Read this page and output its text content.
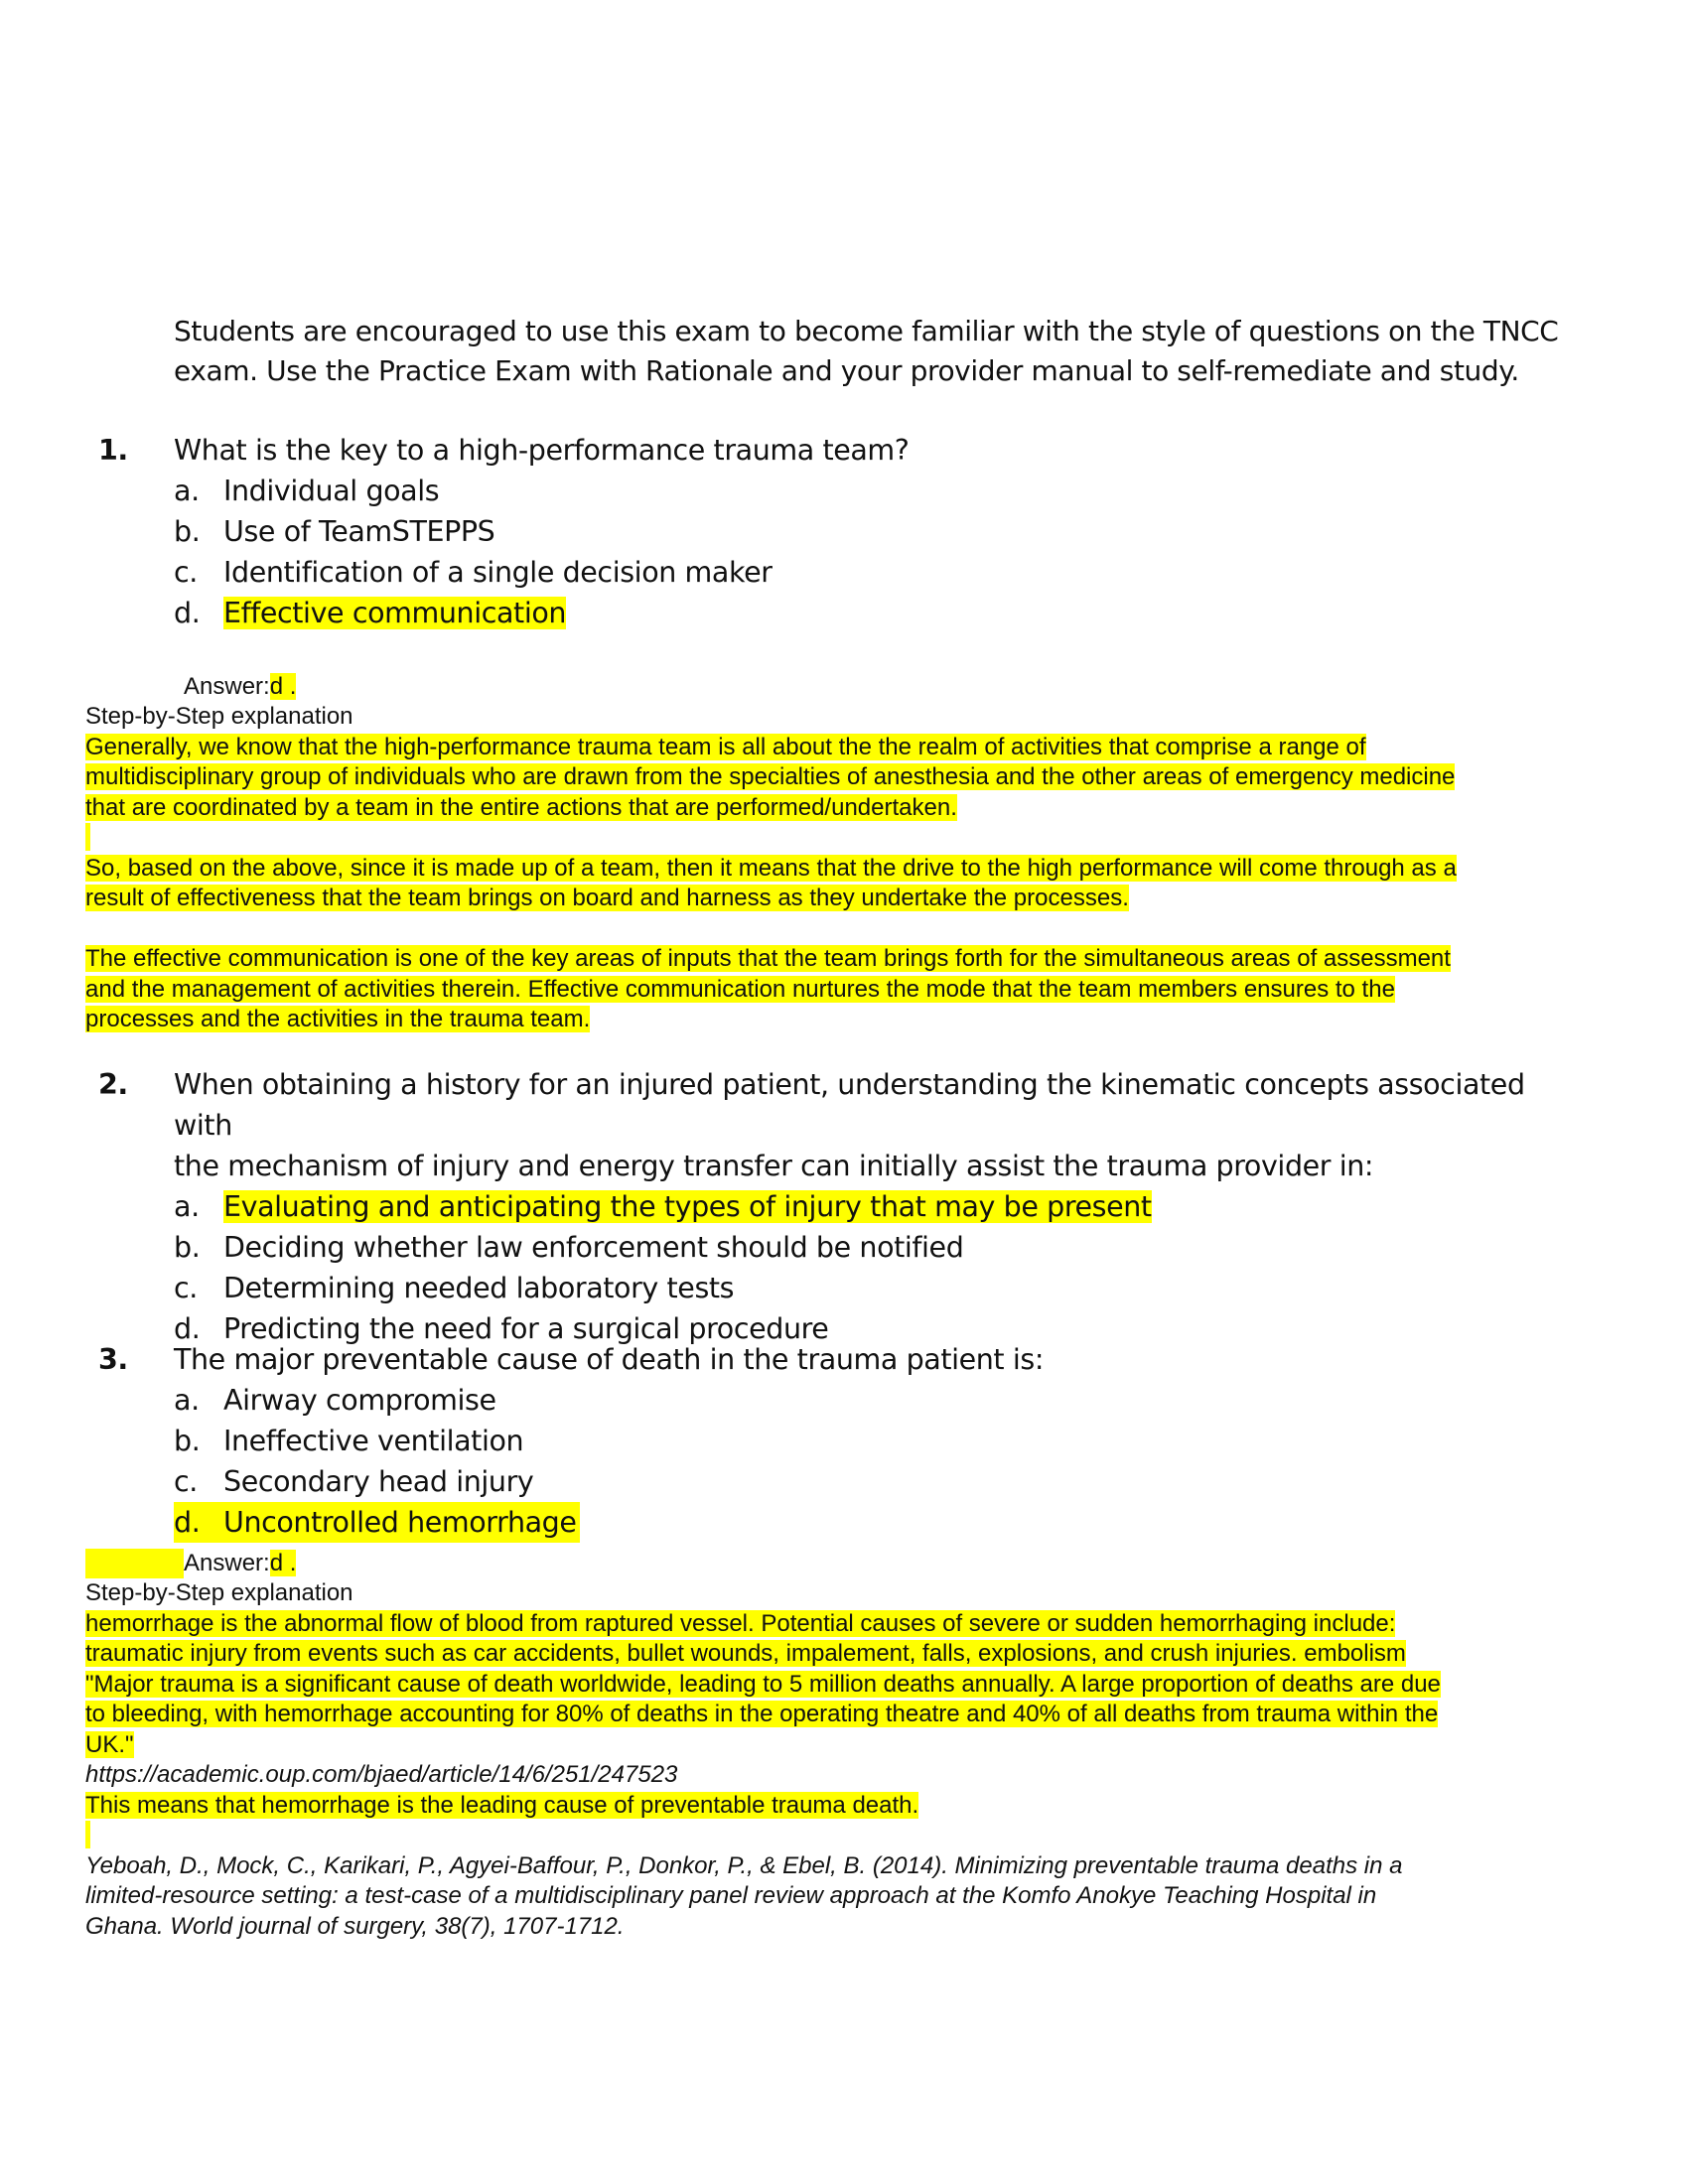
Students are encouraged to use this exam to become familiar with the style of questions on the TNCC
exam. Use the Practice Exam with Rationale and your provider manual to self-remediate and study.
1. What is the key to a high-performance trauma team?
a. Individual goals
b. Use of TeamSTEPPS
c. Identification of a single decision maker
d. Effective communication
Answer:d .

Step-by-Step explanation

Generally, we know that the high-performance trauma team is all about the the realm of activities that comprise a range of

multidisciplinary group of individuals who are drawn from the specialties of anesthesia and the other areas of emergency medicine

that are coordinated by a team in the entire actions that are performed/undertaken.

So, based on the above, since it is made up of a team, then it means that the drive to the high performance will come through as a

result of effectiveness that the team brings on board and harness as they undertake the processes.

The effective communication is one of the key areas of inputs that the team brings forth for the simultaneous areas of assessment

and the management of activities therein. Effective communication nurtures the mode that the team members ensures to the

processes and the activities in the trauma team.

2. When obtaining a history for an injured patient, understanding the kinematic concepts associated with
the mechanism of injury and energy transfer can initially assist the trauma provider in:
a. Evaluating and anticipating the types of injury that may be present
b. Deciding whether law enforcement should be notified
c. Determining needed laboratory tests
d. Predicting the need for a surgical procedure
3. The major preventable cause of death in the trauma patient is:
a. Airway compromise
b. Ineffective ventilation
c. Secondary head injury
d. Uncontrolled hemorrhage
Answer:d .

Step-by-Step explanation

hemorrhage is the abnormal flow of blood from raptured vessel. Potential causes of severe or sudden hemorrhaging include:

traumatic injury from events such as car accidents, bullet wounds, impalement, falls, explosions, and crush injuries. embolism

"Major trauma is a significant cause of death worldwide, leading to 5 million deaths annually. A large proportion of deaths are due

to bleeding, with hemorrhage accounting for 80% of deaths in the operating theatre and 40% of all deaths from trauma within the

UK."

https://academic.oup.com/bjaed/article/14/6/251/247523

This means that hemorrhage is the leading cause of preventable trauma death.

Yeboah, D., Mock, C., Karikari, P., Agyei-Baffour, P., Donkor, P., & Ebel, B. (2014). Minimizing preventable trauma deaths in a

limited-resource setting: a test-case of a multidisciplinary panel review approach at the Komfo Anokye Teaching Hospital in

Ghana. World journal of surgery, 38(7), 1707-1712.
